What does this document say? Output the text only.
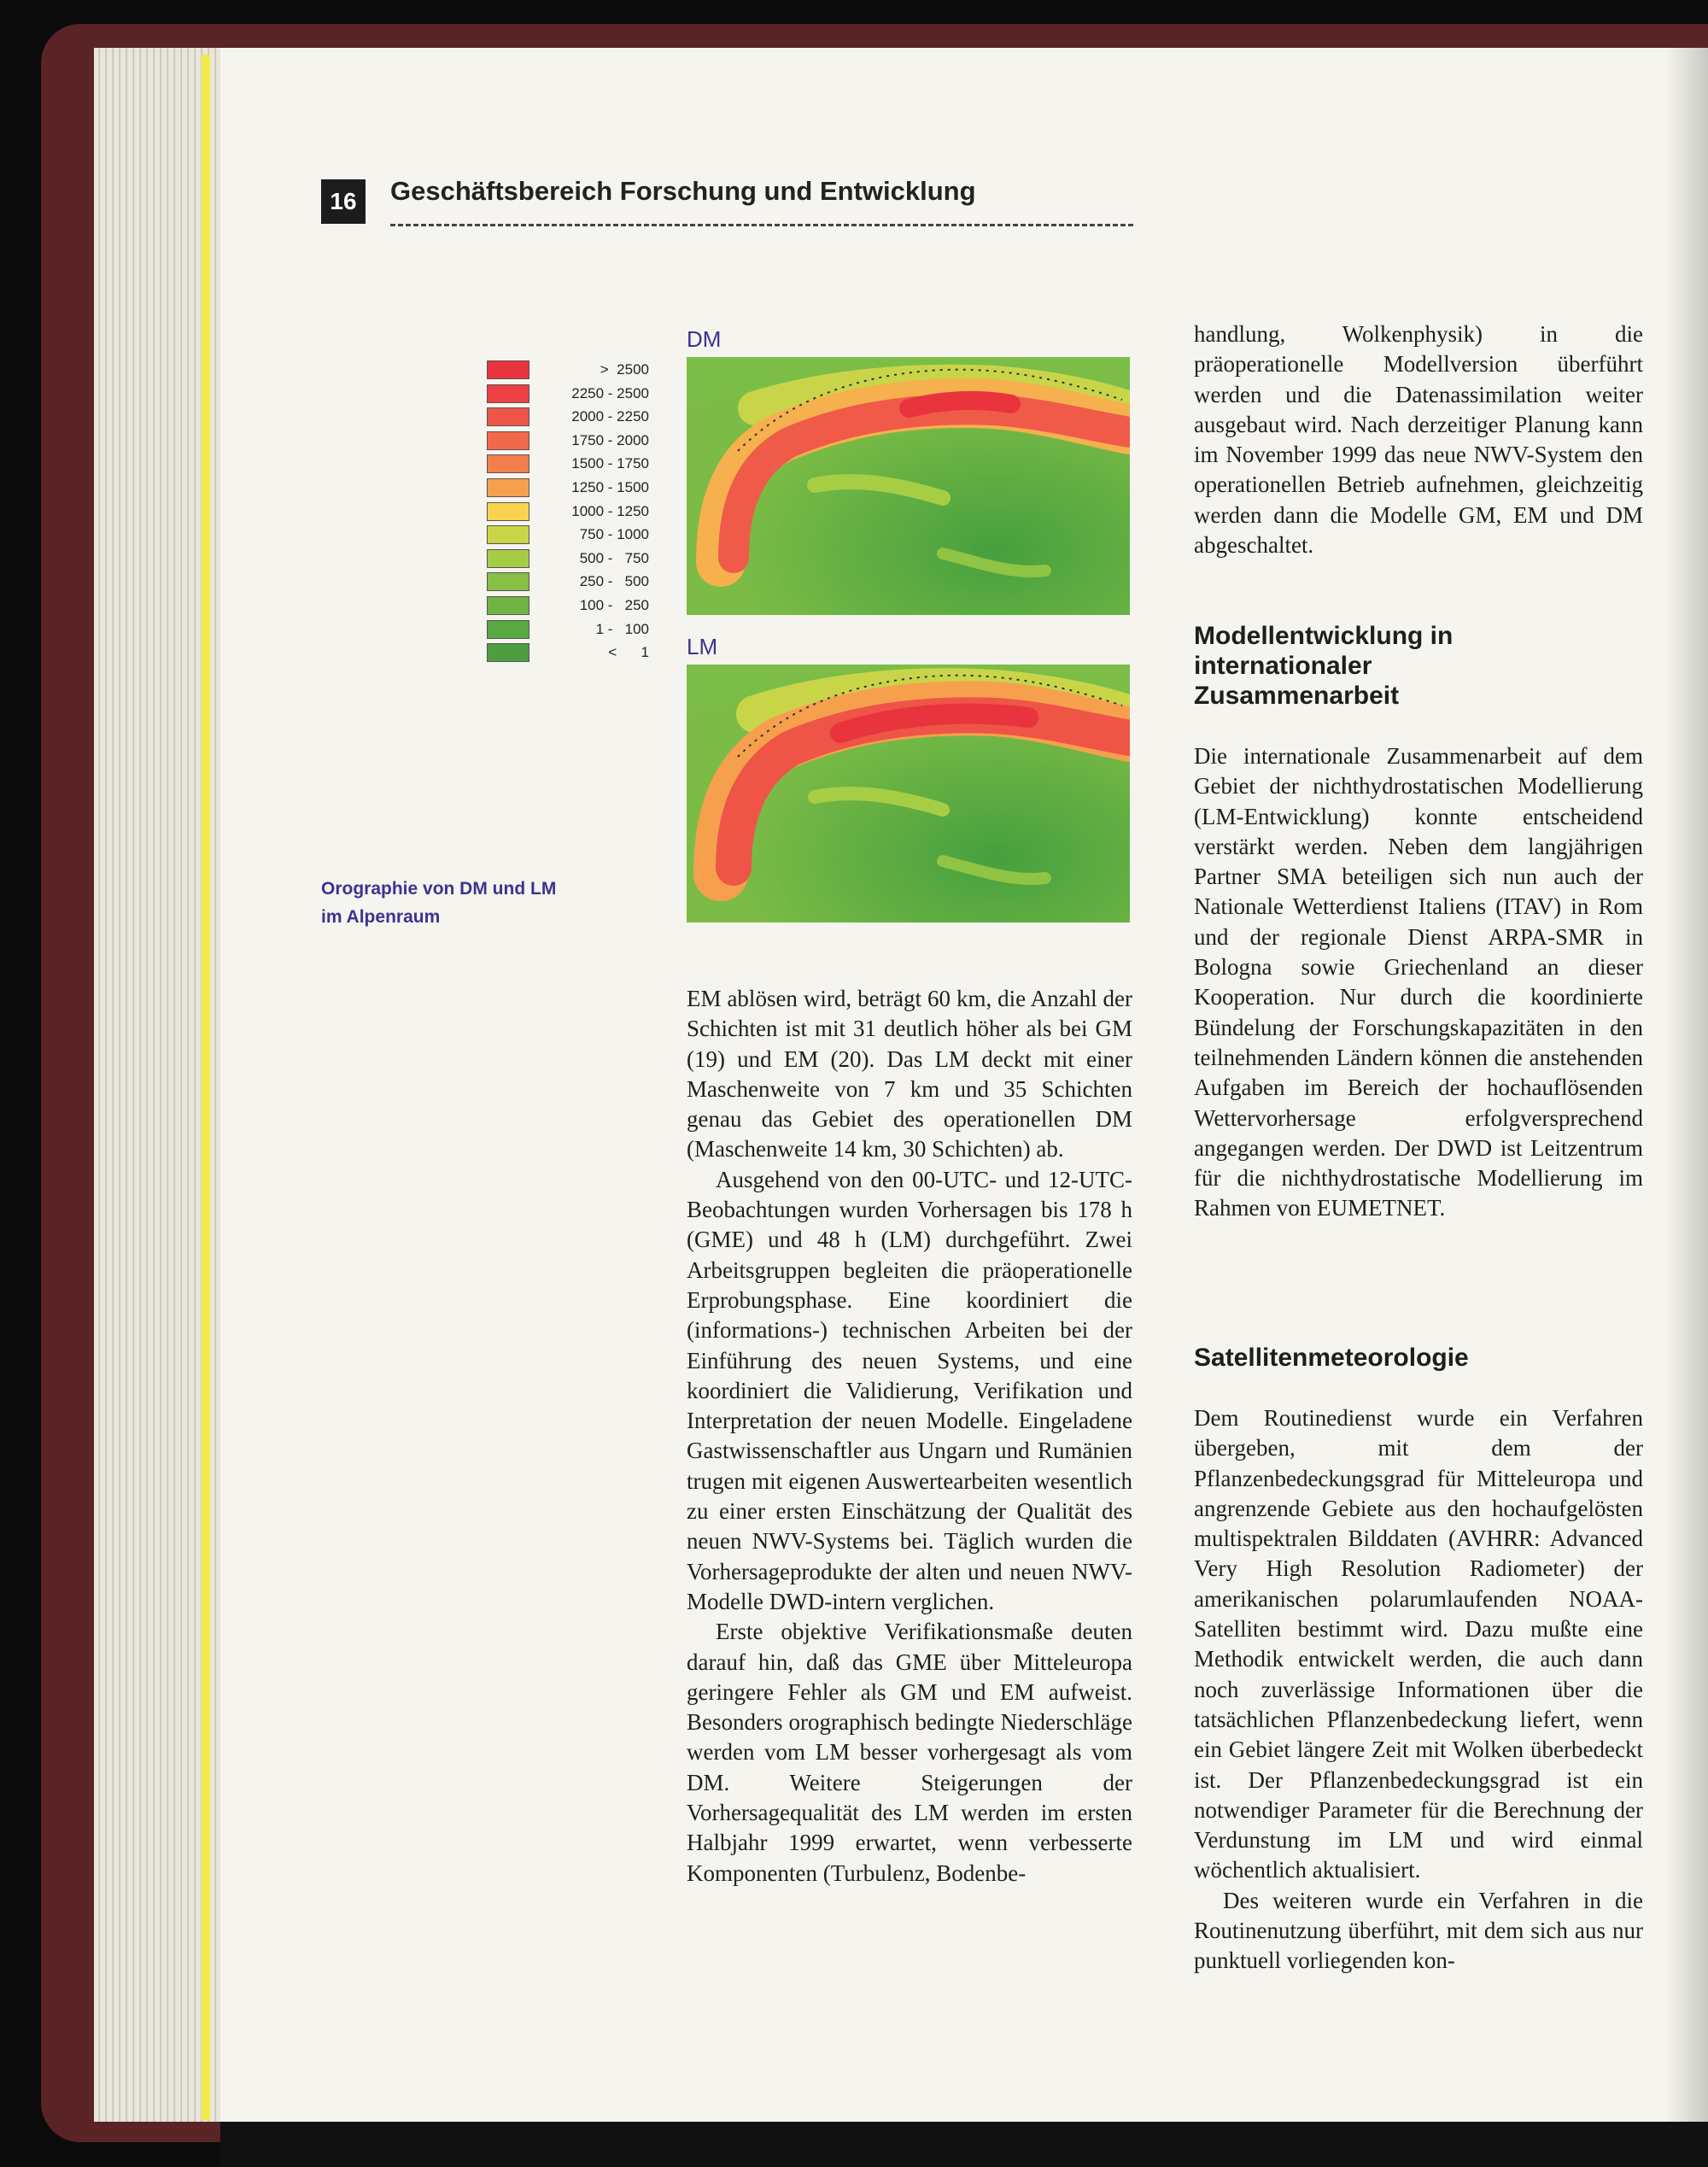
16	Geschäftsbereich Forschung und Entwicklung
>  2500
2250 - 2500
2000 - 2250
1750 - 2000
1500 - 1750
1250 - 1500
1000 - 1250
750 - 1000
500 -   750
250 -   500
100 -   250
1 -   100
<      1
Orographie von DM und LM
im Alpenraum
DM
LM

EM ablösen wird, beträgt 60 km, die Anzahl der Schichten ist mit 31 deutlich höher als bei GM (19) und EM (20). Das LM deckt mit einer Maschenweite von 7 km und 35 Schichten genau das Gebiet des operationellen DM (Maschenweite 14 km, 30 Schichten) ab.

Ausgehend von den 00-UTC- und 12-UTC-Beobachtungen wurden Vorhersagen bis 178 h (GME) und 48 h (LM) durchgeführt. Zwei Arbeitsgruppen begleiten die präoperationelle Erprobungsphase. Eine koordiniert die (informations-) technischen Arbeiten bei der Einführung des neuen Systems, und eine koordiniert die Validierung, Verifikation und Interpretation der neuen Modelle. Eingeladene Gastwissenschaftler aus Ungarn und Rumänien trugen mit eigenen Auswertearbeiten wesentlich zu einer ersten Einschätzung der Qualität des neuen NWV-Systems bei. Täglich wurden die Vorhersageprodukte der alten und neuen NWV-Modelle DWD-intern verglichen.

Erste objektive Verifikationsmaße deuten darauf hin, daß das GME über Mitteleuropa geringere Fehler als GM und EM aufweist. Besonders orographisch bedingte Niederschläge werden vom LM besser vorhergesagt als vom DM. Weitere Steigerungen der Vorhersagequalität des LM werden im ersten Halbjahr 1999 erwartet, wenn verbesserte Komponenten (Turbulenz, Bodenbe-

handlung, Wolkenphysik) in die präoperationelle Modellversion überführt werden und die Datenassimilation weiter ausgebaut wird. Nach derzeitiger Planung kann im November 1999 das neue NWV-System den operationellen Betrieb aufnehmen, gleichzeitig werden dann die Modelle GM, EM und DM abgeschaltet.

Modellentwicklung in
internationaler
Zusammenarbeit

Die internationale Zusammenarbeit auf dem Gebiet der nichthydrostatischen Modellierung (LM-Entwicklung) konnte entscheidend verstärkt werden. Neben dem langjährigen Partner SMA beteiligen sich nun auch der Nationale Wetterdienst Italiens (ITAV) in Rom und der regionale Dienst ARPA-SMR in Bologna sowie Griechenland an dieser Kooperation. Nur durch die koordinierte Bündelung der Forschungskapazitäten in den teilnehmenden Ländern können die anstehenden Aufgaben im Bereich der hochauflösenden Wettervorhersage erfolgversprechend angegangen werden. Der DWD ist Leitzentrum für die nichthydrostatische Modellierung im Rahmen von EUMETNET.

Satellitenmeteorologie

Dem Routinedienst wurde ein Verfahren übergeben, mit dem der Pflanzenbedeckungsgrad für Mitteleuropa und angrenzende Gebiete aus den hochaufgelösten multispektralen Bilddaten (AVHRR: Advanced Very High Resolution Radiometer) der amerikanischen polarumlaufenden NOAA-Satelliten bestimmt wird. Dazu mußte eine Methodik entwickelt werden, die auch dann noch zuverlässige Informationen über die tatsächlichen Pflanzenbedeckung liefert, wenn ein Gebiet längere Zeit mit Wolken überbedeckt ist. Der Pflanzenbedeckungsgrad ist ein notwendiger Parameter für die Berechnung der Verdunstung im LM und wird einmal wöchentlich aktualisiert.

Des weiteren wurde ein Verfahren in die Routinenutzung überführt, mit dem sich aus nur punktuell vorliegenden kon-
